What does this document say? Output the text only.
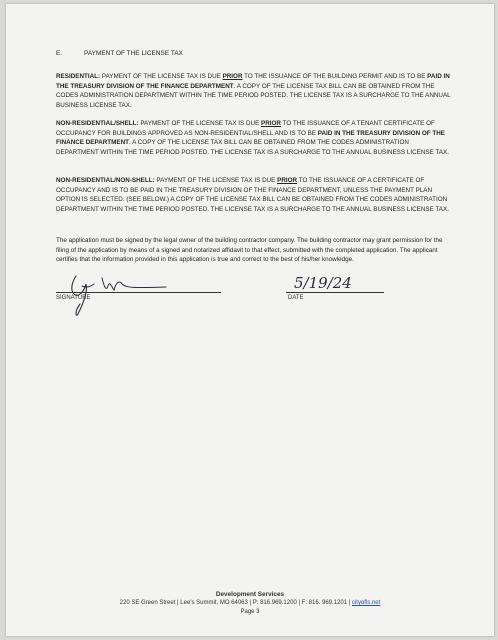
E.	PAYMENT OF THE LICENSE TAX
RESIDENTIAL: PAYMENT OF THE LICENSE TAX IS DUE PRIOR TO THE ISSUANCE OF THE BUILDING PERMIT AND IS TO BE PAID IN THE TREASURY DIVISION OF THE FINANCE DEPARTMENT. A COPY OF THE LICENSE TAX BILL CAN BE OBTAINED FROM THE CODES ADMINISTRATION DEPARTMENT WITHIN THE TIME PERIOD POSTED. THE LICENSE TAX IS A SURCHARGE TO THE ANNUAL BUSINESS LICENSE TAX.
NON-RESIDENTIAL/SHELL: PAYMENT OF THE LICENSE TAX IS DUE PRIOR TO THE ISSUANCE OF A TENANT CERTIFICATE OF OCCUPANCY FOR BUILDINGS APPROVED AS NON-RESIDENTIAL/SHELL AND IS TO BE PAID IN THE TREASURY DIVISION OF THE FINANCE DEPARTMENT. A COPY OF THE LICENSE TAX BILL CAN BE OBTAINED FROM THE CODES ADMINISTRATION DEPARTMENT WITHIN THE TIME PERIOD POSTED. THE LICENSE TAX IS A SURCHARGE TO THE ANNUAL BUSINESS LICENSE TAX.
NON-RESIDENTIAL/NON-SHELL: PAYMENT OF THE LICENSE TAX IS DUE PRIOR TO THE ISSUANCE OF A CERTIFICATE OF OCCUPANCY AND IS TO BE PAID IN THE TREASURY DIVISION OF THE FINANCE DEPARTMENT, UNLESS THE PAYMENT PLAN OPTION IS SELECTED. (SEE BELOW.) A COPY OF THE LICENSE TAX BILL CAN BE OBTAINED FROM THE CODES ADMINISTRATION DEPARTMENT WITHIN THE TIME PERIOD POSTED. THE LICENSE TAX IS A SURCHARGE TO THE ANNUAL BUSINESS LICENSE TAX.
The application must be signed by the legal owner of the building contractor company. The building contractor may grant permission for the filing of the application by means of a signed and notarized affidavit to that effect, submitted with the completed application. The applicant certifies that the information provided in this application is true and correct to the best of his/her knowledge.
5/19/24
SIGNATURE	DATE
Development Services
220 SE Green Street | Lee’s Summit, MO 64063 | P: 816.969.1200 | F: 816. 969.1201 | cityofls.net
Page 3
